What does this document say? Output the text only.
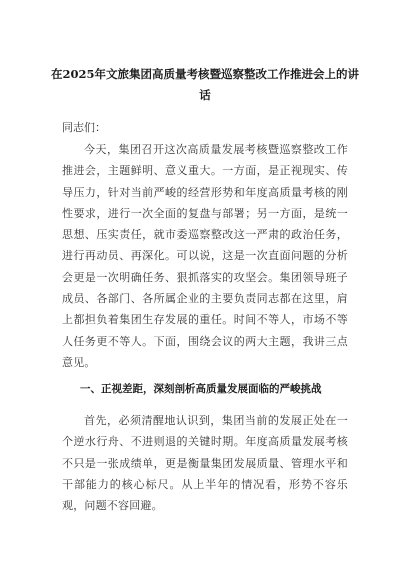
在2025年文旅集团高质量考核暨巡察整改工作推进会上的讲话

同志们：

今天，集团召开这次高质量发展考核暨巡察整改工作推进会，主题鲜明、意义重大。一方面，是正视现实、传导压力，针对当前严峻的经营形势和年度高质量考核的刚性要求，进行一次全面的复盘与部署；另一方面，是统一思想、压实责任，就市委巡察整改这一严肃的政治任务，进行再动员、再深化。可以说，这是一次直面问题的分析会更是一次明确任务、狠抓落实的攻坚会。集团领导班子成员、各部门、各所属企业的主要负责同志都在这里，肩上都担负着集团生存发展的重任。时间不等人，市场不等人任务更不等人。下面，围绕会议的两大主题，我讲三点意见。

一、正视差距，深刻剖析高质量发展面临的严峻挑战

首先，必须清醒地认识到，集团当前的发展正处在一个逆水行舟、不进则退的关键时期。年度高质量发展考核不只是一张成绩单，更是衡量集团发展质量、管理水平和干部能力的核心标尺。从上半年的情况看，形势不容乐观，问题不容回避。
